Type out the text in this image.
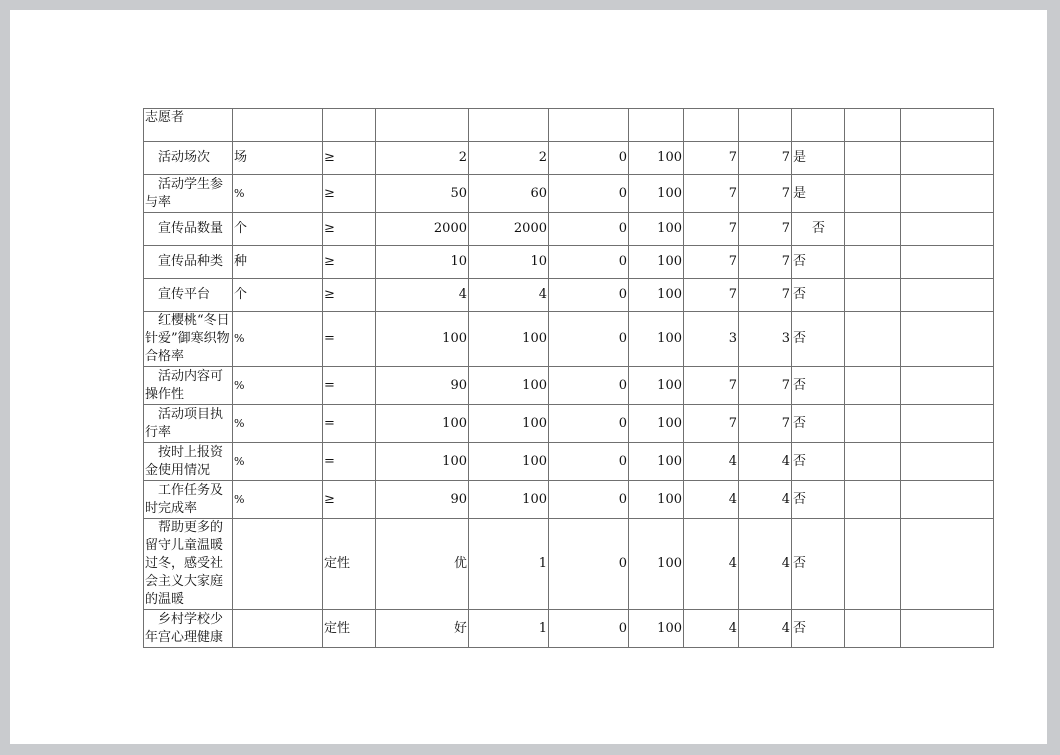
志愿者											
活动场次	场	≥	2	2	0	100	7	7	是		
活动学生参与率	%	≥	50	60	0	100	7	7	是		
宣传品数量	个	≥	2000	2000	0	100	7	7	否		
宣传品种类	种	≥	10	10	0	100	7	7	否		
宣传平台	个	≥	4	4	0	100	7	7	否		
红樱桃“冬日针爱”御寒织物合格率	%	=	100	100	0	100	3	3	否		
活动内容可操作性	%	=	90	100	0	100	7	7	否		
活动项目执行率	%	=	100	100	0	100	7	7	否		
按时上报资金使用情况	%	=	100	100	0	100	4	4	否		
工作任务及时完成率	%	≥	90	100	0	100	4	4	否		
帮助更多的留守儿童温暖过冬，感受社会主义大家庭的温暖		定性	优	1	0	100	4	4	否		
乡村学校少年宫心理健康		定性	好	1	0	100	4	4	否		
